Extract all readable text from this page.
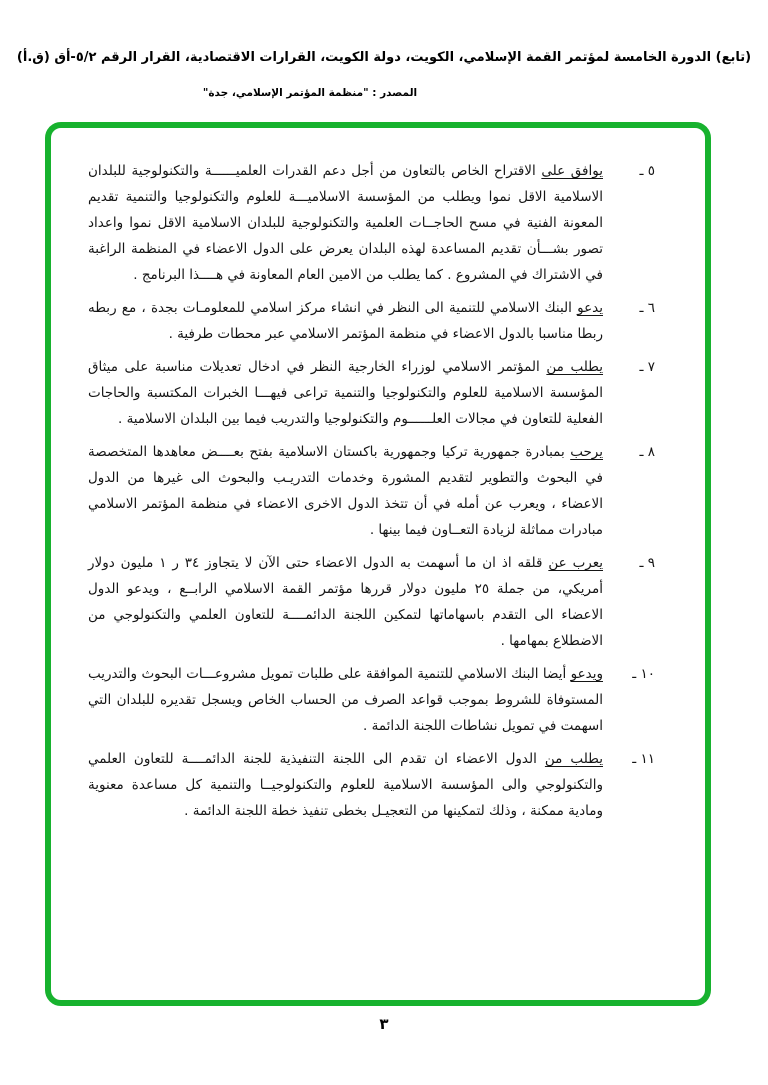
(تابع) الدورة الخامسة لمؤتمر القمة الإسلامي، الكويت، دولة الكويت، القرارات الاقتصادية، القرار الرقم ٥/٢-أق (ق.أ)
المصدر : "منظمة المؤتمر الإسلامي، جدة"
٥ ـ
يوافق على الاقتراح الخاص بالتعاون من أجل دعم القدرات العلميــــــة والتكنولوجية للبلدان الاسلامية الاقل نموا ويطلب من المؤسسة الاسلاميـــة للعلوم والتكنولوجيا والتنمية تقديم المعونة الفنية في مسح الحاجــات العلمية والتكنولوجية للبلدان الاسلامية الاقل نموا واعداد تصور بشـــأن تقديم المساعدة لهذه البلدان يعرض على الدول الاعضاء في المنظمة الراغبة في الاشتراك في المشروع . كما يطلب من الامين العام المعاونة في هــــذا البرنامج .
٦ ـ
يدعو البنك الاسلامي للتنمية الى النظر في انشاء مركز اسلامي للمعلومـات بجدة ، مع ربطه ربطا مناسبا بالدول الاعضاء في منظمة المؤتمر الاسلامي عبر محطات طرفية .
٧ ـ
يطلب من المؤتمر الاسلامي لوزراء الخارجية النظر في ادخال تعديلات مناسبة على ميثاق المؤسسة الاسلامية للعلوم والتكنولوجيا والتنمية تراعى فيهـــا الخبرات المكتسبة والحاجات الفعلية للتعاون في مجالات العلــــــوم والتكنولوجيا والتدريب فيما بين البلدان الاسلامية .
٨ ـ
يرحب بمبادرة جمهورية تركيا وجمهورية باكستان الاسلامية بفتح بعــــض معاهدها المتخصصة في البحوث والتطوير لتقديم المشورة وخدمات التدريـب والبحوث الى غيرها من الدول الاعضاء ، ويعرب عن أمله في أن تتخذ الدول الاخرى الاعضاء في منظمة المؤتمر الاسلامي مبادرات مماثلة لزيادة التعــاون فيما بينها .
٩ ـ
يعرب عن قلقه اذ ان ما أسهمت به الدول الاعضاء حتى الآن لا يتجاوز ٣٤ ر ١ مليون دولار أمريكي، من جملة ٢٥ مليون دولار قررها مؤتمر القمة الاسلامي الرابــع ، ويدعو الدول الاعضاء الى التقدم باسهاماتها لتمكين اللجنة الدائمــــة للتعاون العلمي والتكنولوجي من الاضطلاع بمهامها .
١٠ ـ
ويدعو أيضا البنك الاسلامي للتنمية الموافقة على طلبات تمويل مشروعـــات البحوث والتدريب المستوفاة للشروط بموجب قواعد الصرف من الحساب الخاص ويسجل تقديره للبلدان التي اسهمت في تمويل نشاطات اللجنة الدائمة .
١١ ـ
يطلب من الدول الاعضاء ان تقدم الى اللجنة التنفيذية للجنة الدائمــــة للتعاون العلمي والتكنولوجي والى المؤسسة الاسلامية للعلوم والتكنولوجيــا والتنمية كل مساعدة معنوية ومادية ممكنة ، وذلك لتمكينها من التعجيـل بخطى تنفيذ خطة اللجنة الدائمة .
٣
